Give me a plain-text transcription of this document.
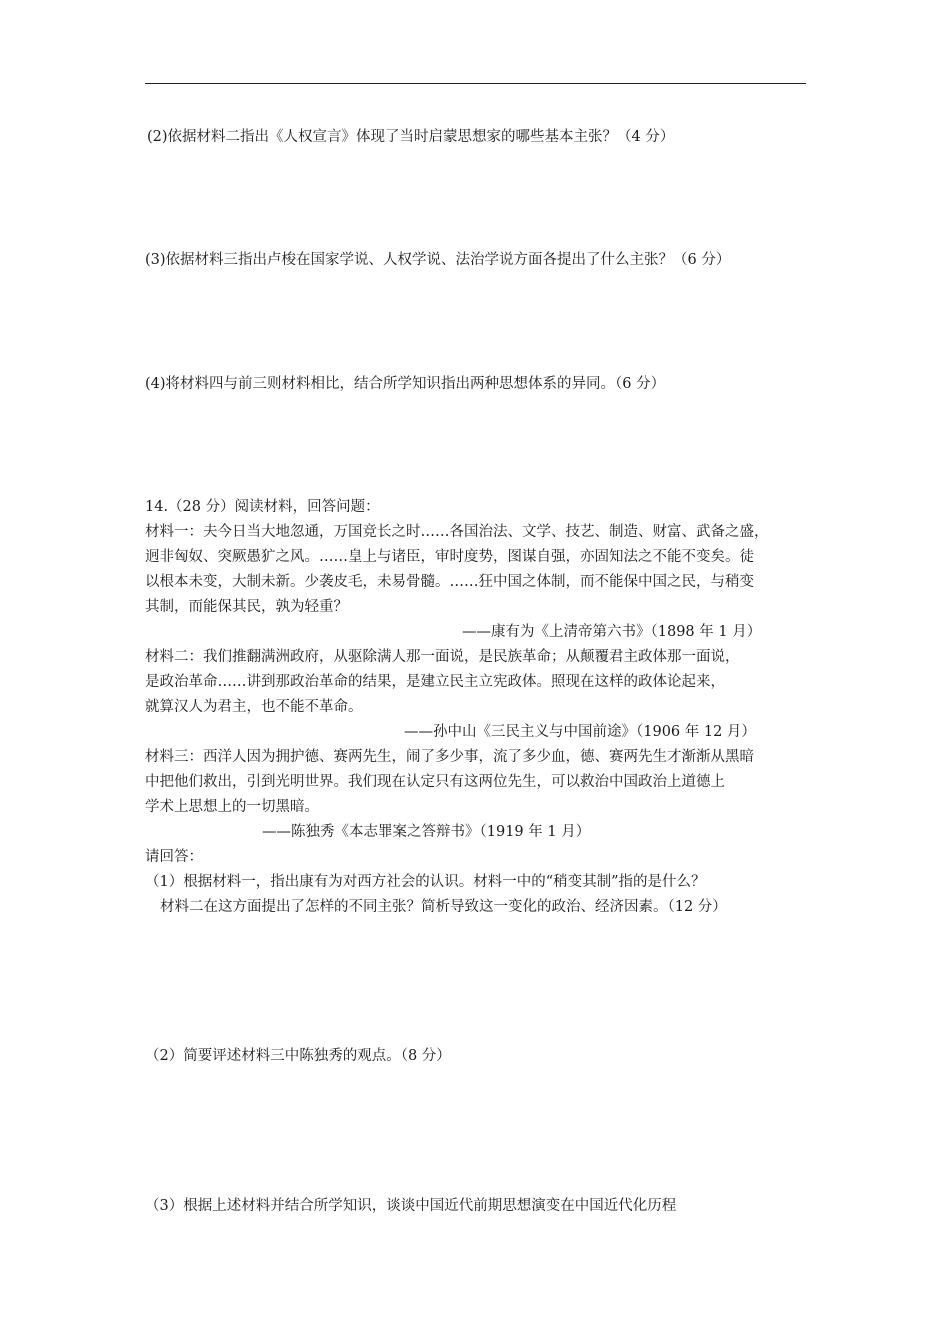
(2)依据材料二指出《人权宣言》体现了当时启蒙思想家的哪些基本主张？（4 分）
(3)依据材料三指出卢梭在国家学说、人权学说、法治学说方面各提出了什么主张？（6 分）
(4)将材料四与前三则材料相比，结合所学知识指出两种思想体系的异同。（6 分）
14.（28 分）阅读材料，回答问题：
材料一：夫今日当大地忽通，万国竞长之时……各国治法、文学、技艺、制造、财富、武备之盛，
迥非匈奴、突厥愚犷之风。……皇上与诸臣，审时度势，图谋自强，亦固知法之不能不变矣。徒
以根本未变，大制未新。少袭皮毛，未易骨髓。……狂中国之体制，而不能保中国之民，与稍变
其制，而能保其民，孰为轻重？
——康有为《上清帝第六书》（1898 年 1 月）
材料二：我们推翻满洲政府，从驱除满人那一面说，是民族革命；从颠覆君主政体那一面说，
是政治革命……讲到那政治革命的结果，是建立民主立宪政体。照现在这样的政体论起来，
就算汉人为君主，也不能不革命。
——孙中山《三民主义与中国前途》（1906 年 12 月）
材料三：西洋人因为拥护德、赛两先生，闹了多少事，流了多少血，德、赛两先生才渐渐从黑暗
中把他们救出，引到光明世界。我们现在认定只有这两位先生，可以救治中国政治上道德上
学术上思想上的一切黑暗。
——陈独秀《本志罪案之答辩书》（1919 年 1 月）
请回答：
（1）根据材料一，指出康有为对西方社会的认识。材料一中的“稍变其制”指的是什么？
材料二在这方面提出了怎样的不同主张？简析导致这一变化的政治、经济因素。（12 分）
（2）简要评述材料三中陈独秀的观点。（8 分）
（3）根据上述材料并结合所学知识，谈谈中国近代前期思想演变在中国近代化历程
